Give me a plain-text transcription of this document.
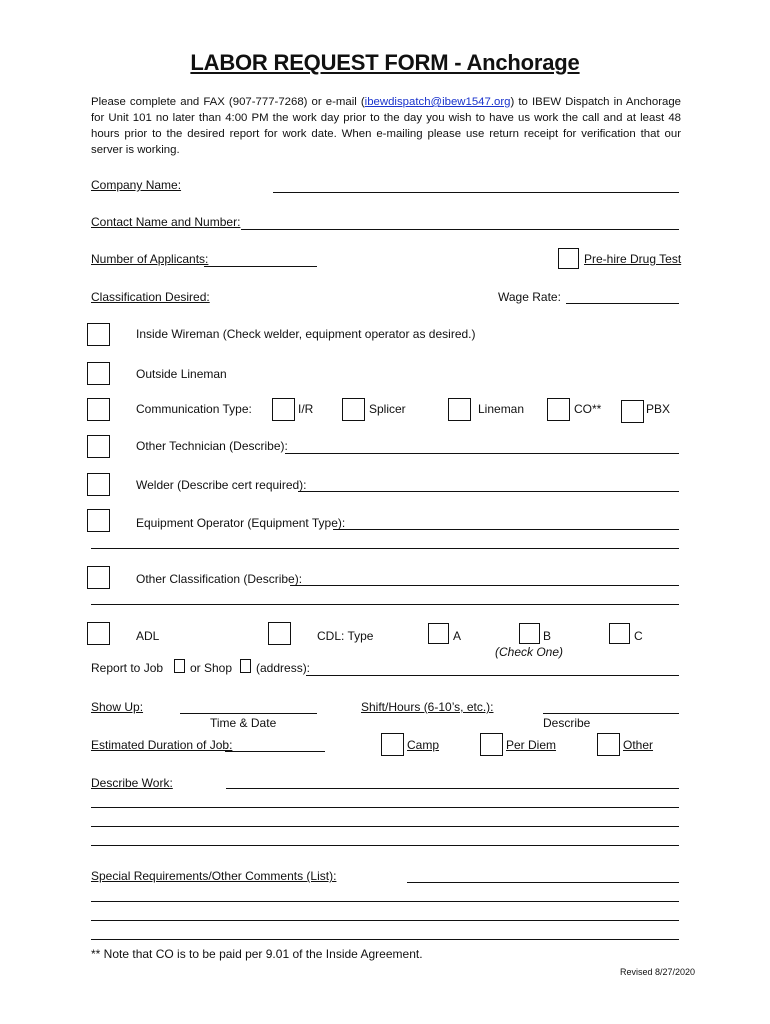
LABOR REQUEST FORM - Anchorage
Please complete and FAX (907-777-7268) or e-mail (ibewdispatch@ibew1547.org) to IBEW Dispatch in Anchorage for Unit 101 no later than 4:00 PM the work day prior to the day you wish to have us work the call and at least 48 hours prior to the desired report for work date. When e-mailing please use return receipt for verification that our server is working.
Company Name:
Contact Name and Number:
Number of Applicants:	Pre-hire Drug Test
Classification Desired:	Wage Rate:
Inside Wireman (Check welder, equipment operator as desired.)
Outside Lineman
Communication Type:	I/R	Splicer	Lineman	CO**	PBX
Other Technician (Describe):
Welder (Describe cert required):
Equipment Operator (Equipment Type):
Other Classification (Describe):
ADL	CDL: Type	A	B	C
(Check One)
Report to Job or Shop (address):
Show Up:
Time & Date
Shift/Hours (6-10’s, etc.):
Describe
Estimated Duration of Job:	Camp	Per Diem	Other
Describe Work:
Special Requirements/Other Comments (List):
** Note that CO is to be paid per 9.01 of the Inside Agreement.
Revised 8/27/2020
